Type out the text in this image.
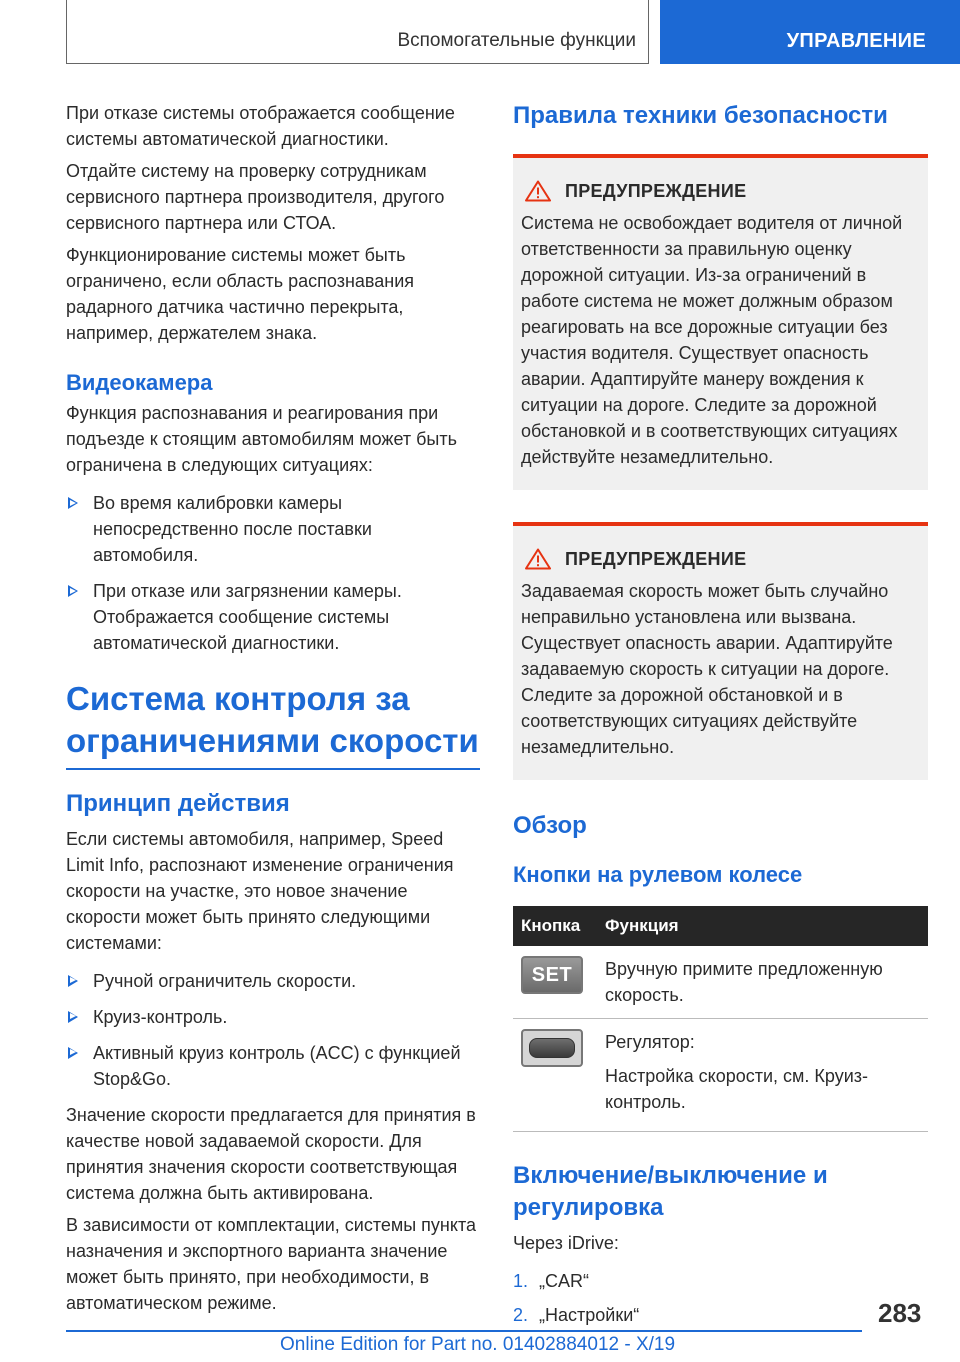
Вспомогательные функции	УПРАВЛЕНИЕ

При отказе системы отображается сообщение системы автоматической диагностики.

Отдайте систему на проверку сотрудникам сервисного партнера производителя, другого сервисного партнера или СТОА.

Функционирование системы может быть ограничено, если область распознавания радарного датчика частично перекрыта, например, держателем знака.

Видеокамера

Функция распознавания и реагирования при подъезде к стоящим автомобилям может быть ограничена в следующих ситуациях:

Во время калибровки камеры непосредственно после поставки автомобиля.
При отказе или загрязнении камеры. Отображается сообщение системы автоматической диагностики.
Система контроля за ограничениями скорости
Принцип действия

Если системы автомобиля, например, Speed Limit Info, распознают изменение ограничения скорости на участке, это новое значение скорости может быть принято следующими системами:

Ручной ограничитель скорости.
Круиз-контроль.
Активный круиз контроль (ACC) с функцией Stop&Go.

Значение скорости предлагается для принятия в качестве новой задаваемой скорости. Для принятия значения скорости соответствующая система должна быть активирована.

В зависимости от комплектации, системы пункта назначения и экспортного варианта значение может быть принято, при необходимости, в автоматическом режиме.

Правила техники безопасности
ПРЕДУПРЕЖДЕНИЕ

Система не освобождает водителя от личной ответственности за правильную оценку дорожной ситуации. Из-за ограничений в работе система не может должным образом реагировать на все дорожные ситуации без участия водителя. Существует опасность аварии. Адаптируйте манеру вождения к ситуации на дороге. Следите за дорожной обстановкой и в соответствующих ситуациях действуйте незамедлительно.

ПРЕДУПРЕЖДЕНИЕ

Задаваемая скорость может быть случайно неправильно установлена или вызвана. Существует опасность аварии. Адаптируйте задаваемую скорость к ситуации на дороге. Следите за дорожной обстановкой и в соответствующих ситуациях действуйте незамедлительно.

Обзор
Кнопки на рулевом колесе
Кнопка	Функция

SET	Вручную примите предложенную скорость.

	Регулятор:
Настройка скорости, см. Круиз-контроль.
Включение/выключение и регулировка

Через iDrive:

1. „CAR“
2. „Настройки“	283
Online Edition for Part no. 01402884012 - X/19
